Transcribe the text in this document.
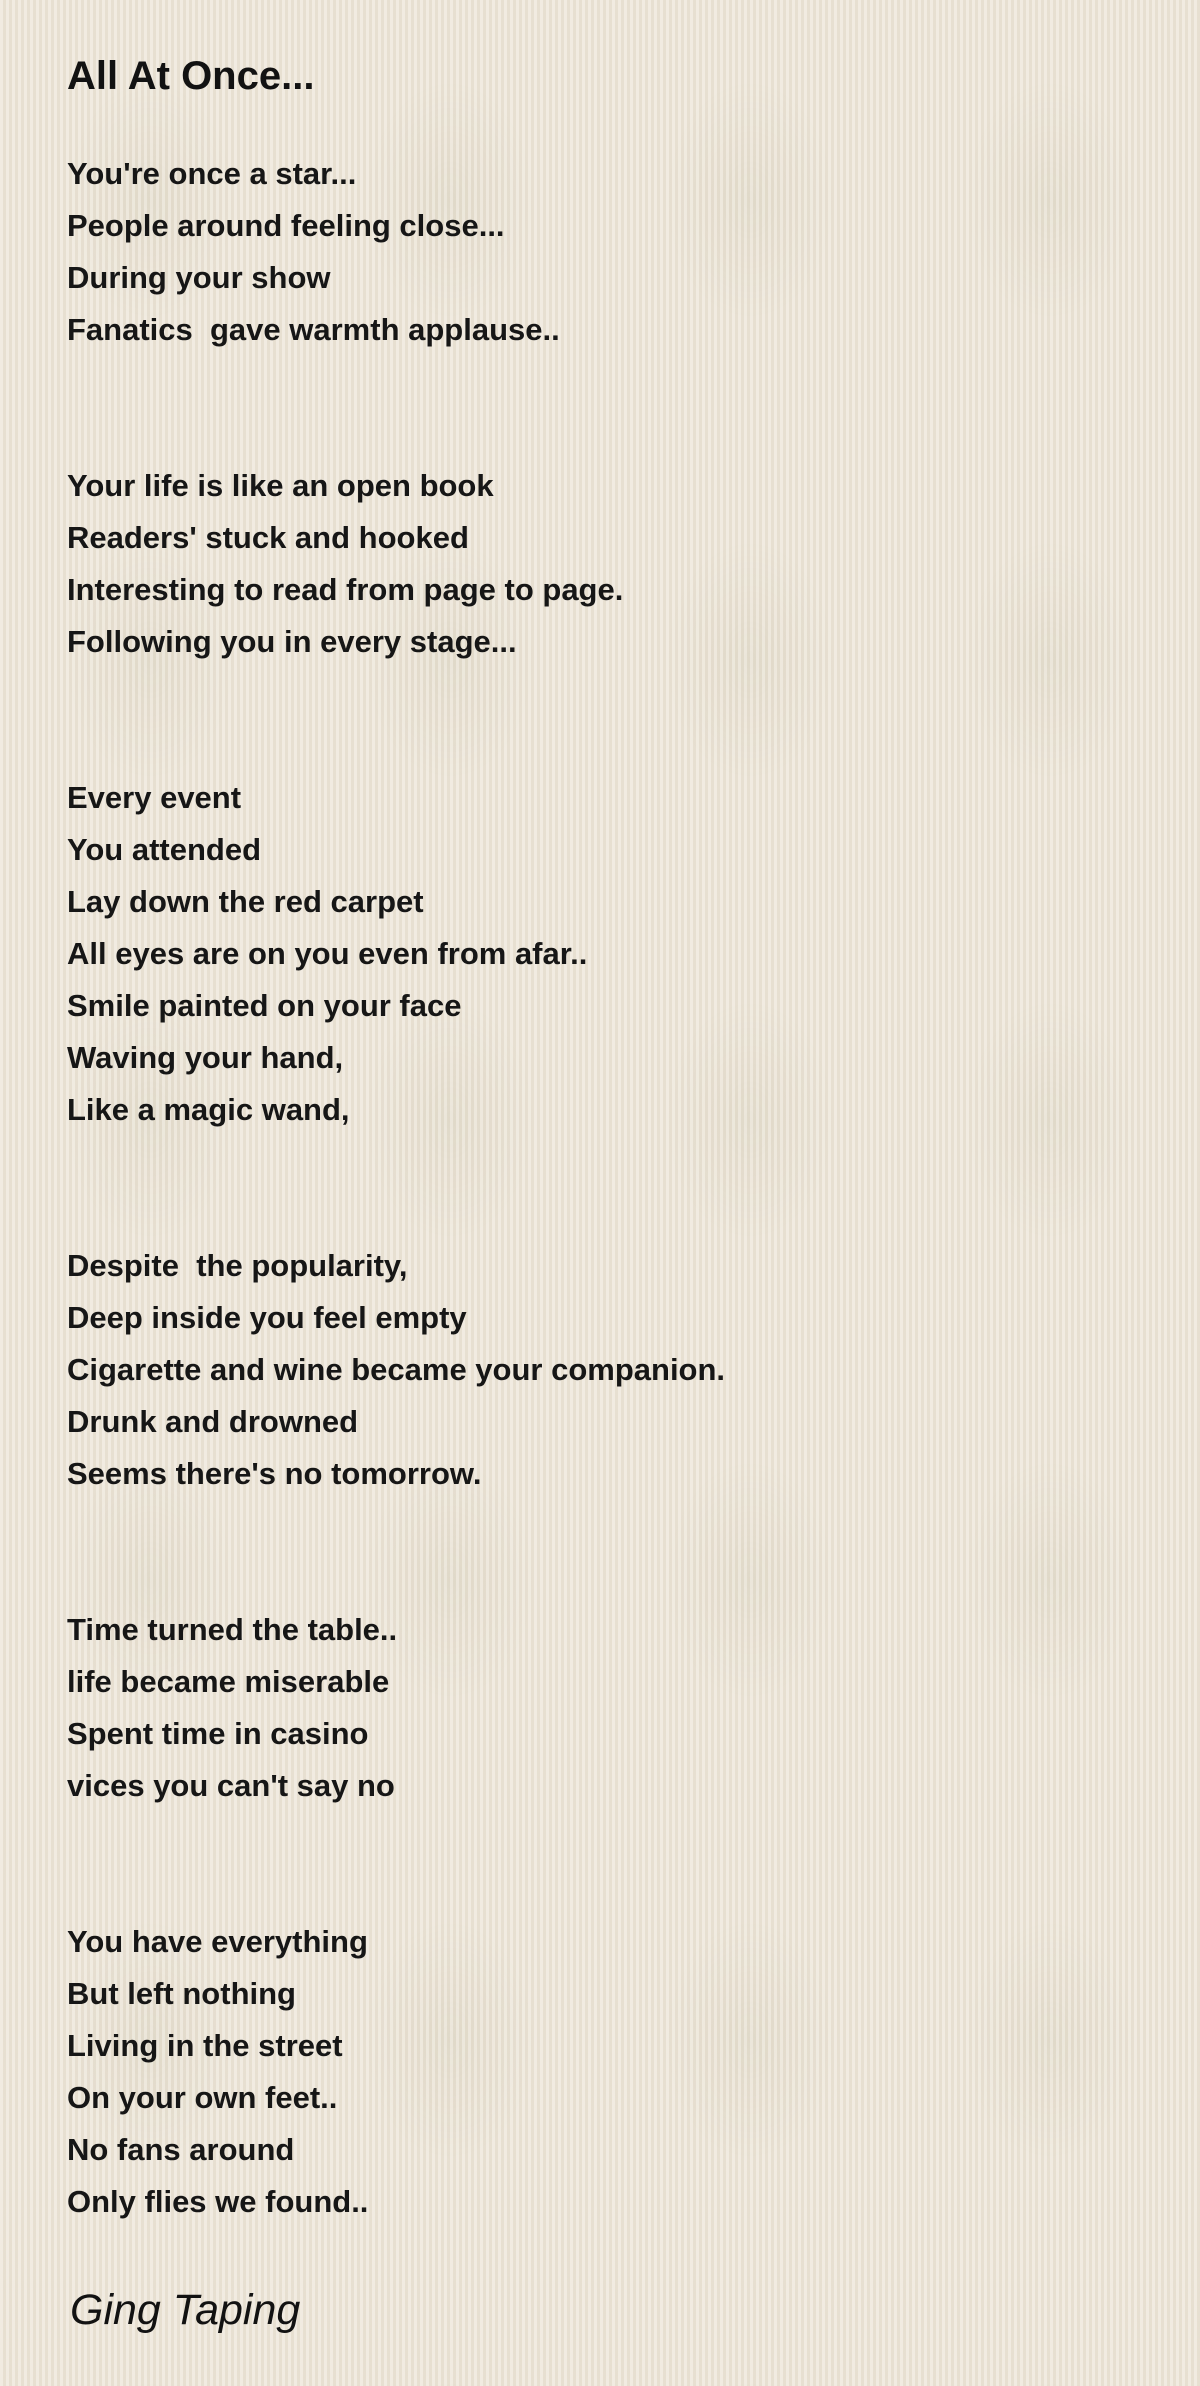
All At Once...
You're once a star...
People around feeling close...
During your show
Fanatics  gave warmth applause..
Your life is like an open book
Readers' stuck and hooked
Interesting to read from page to page.
Following you in every stage...
Every event
You attended
Lay down the red carpet
All eyes are on you even from afar..
Smile painted on your face
Waving your hand,
Like a magic wand,
Despite  the popularity,
Deep inside you feel empty
Cigarette and wine became your companion.
Drunk and drowned
Seems there's no tomorrow.
Time turned the table..
life became miserable
Spent time in casino
vices you can't say no
You have everything
But left nothing
Living in the street
On your own feet..
No fans around
Only flies we found..
Ging Taping
